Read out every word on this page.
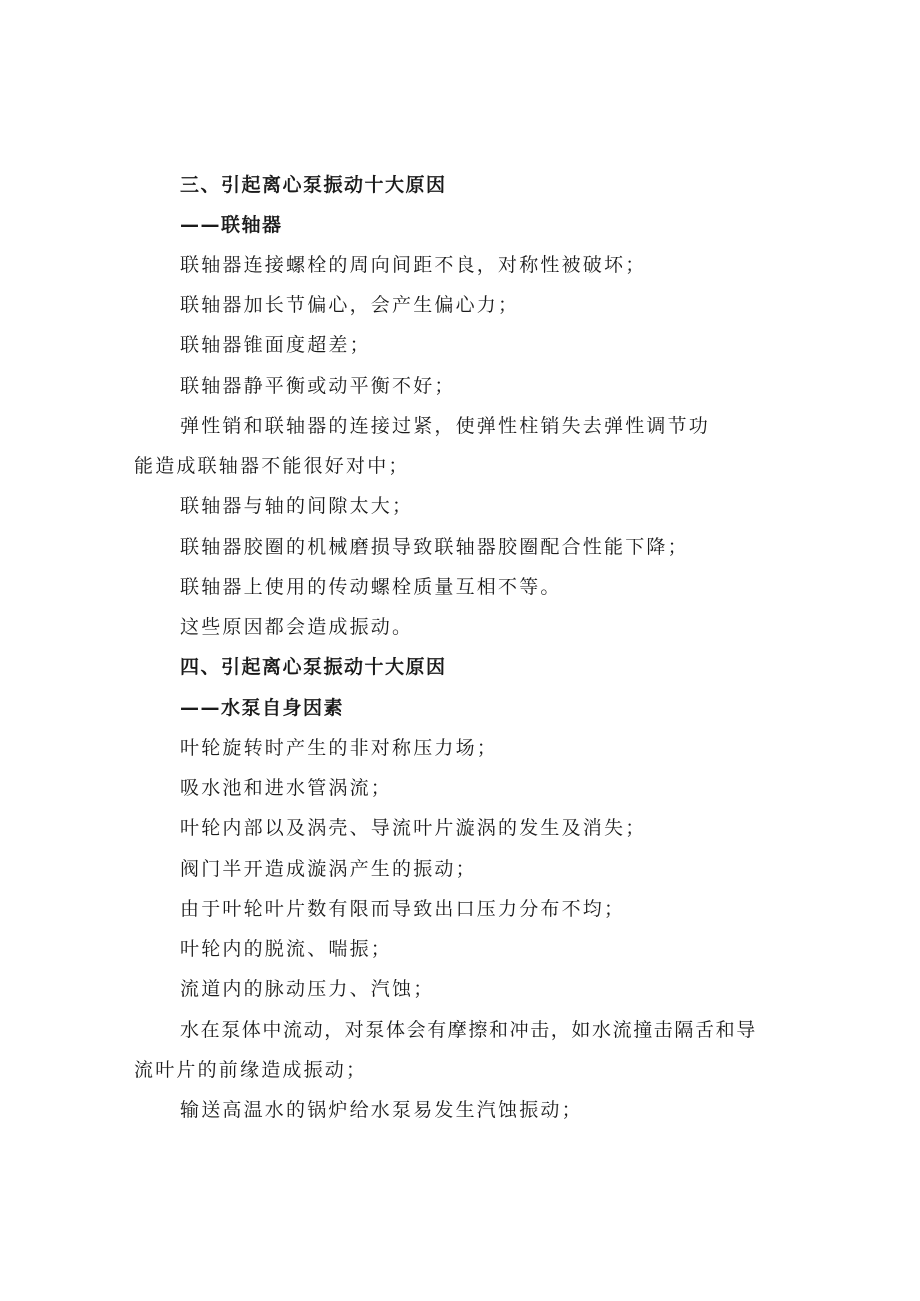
三、引起离心泵振动十大原因
——联轴器
联轴器连接螺栓的周向间距不良，对称性被破坏；
联轴器加长节偏心，会产生偏心力；
联轴器锥面度超差；
联轴器静平衡或动平衡不好；
弹性销和联轴器的连接过紧，使弹性柱销失去弹性调节功
能造成联轴器不能很好对中；
联轴器与轴的间隙太大；
联轴器胶圈的机械磨损导致联轴器胶圈配合性能下降；
联轴器上使用的传动螺栓质量互相不等。
这些原因都会造成振动。
四、引起离心泵振动十大原因
——水泵自身因素
叶轮旋转时产生的非对称压力场；
吸水池和进水管涡流；
叶轮内部以及涡壳、导流叶片漩涡的发生及消失；
阀门半开造成漩涡产生的振动；
由于叶轮叶片数有限而导致出口压力分布不均；
叶轮内的脱流、喘振；
流道内的脉动压力、汽蚀；
水在泵体中流动，对泵体会有摩擦和冲击，如水流撞击隔舌和导
流叶片的前缘造成振动；
输送高温水的锅炉给水泵易发生汽蚀振动；
